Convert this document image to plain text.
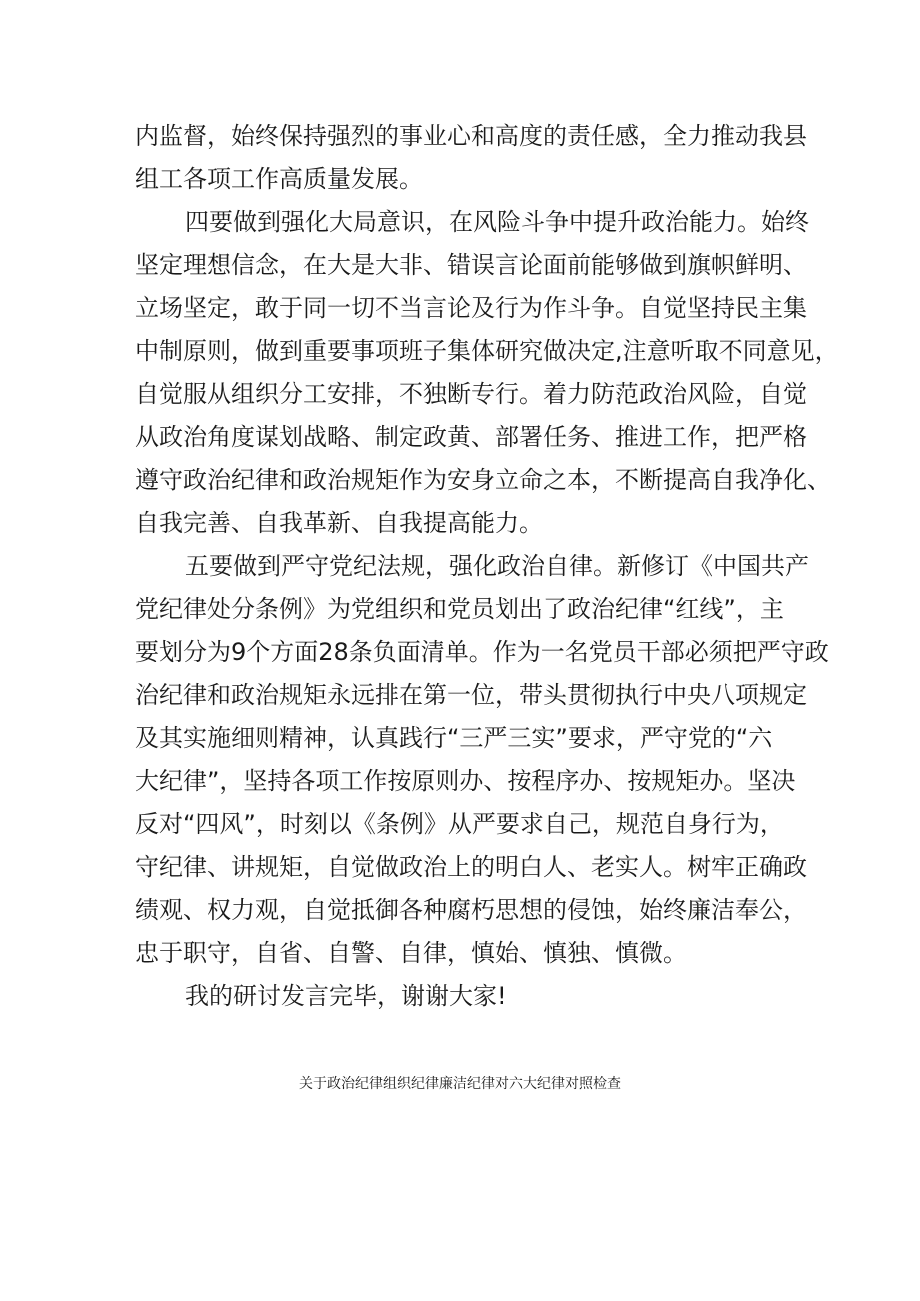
内监督，始终保持强烈的事业心和高度的责任感，全力推动我县
组工各项工作高质量发展。
四要做到强化大局意识，在风险斗争中提升政治能力。始终
坚定理想信念，在大是大非、错误言论面前能够做到旗帜鲜明、
立场坚定，敢于同一切不当言论及行为作斗争。自觉坚持民主集
中制原则，做到重要事项班子集体研究做决定,注意听取不同意见，
自觉服从组织分工安排，不独断专行。着力防范政治风险，自觉
从政治角度谋划战略、制定政黄、部署任务、推进工作，把严格
遵守政治纪律和政治规矩作为安身立命之本，不断提高自我净化、
自我完善、自我革新、自我提高能力。
五要做到严守党纪法规，强化政治自律。新修订《中国共产
党纪律处分条例》为党组织和党员划出了政治纪律“红线”，主
要划分为9个方面28条负面清单。作为一名党员干部必须把严守政
治纪律和政治规矩永远排在第一位，带头贯彻执行中央八项规定
及其实施细则精神，认真践行“三严三实”要求，严守党的“六
大纪律”，坚持各项工作按原则办、按程序办、按规矩办。坚决
反对“四风”，时刻以《条例》从严要求自己，规范自身行为，
守纪律、讲规矩，自觉做政治上的明白人、老实人。树牢正确政
绩观、权力观，自觉抵御各种腐朽思想的侵蚀，始终廉洁奉公，
忠于职守，自省、自警、自律，慎始、慎独、慎微。
我的研讨发言完毕，谢谢大家!
关于政治纪律组织纪律廉洁纪律对六大纪律对照检查
